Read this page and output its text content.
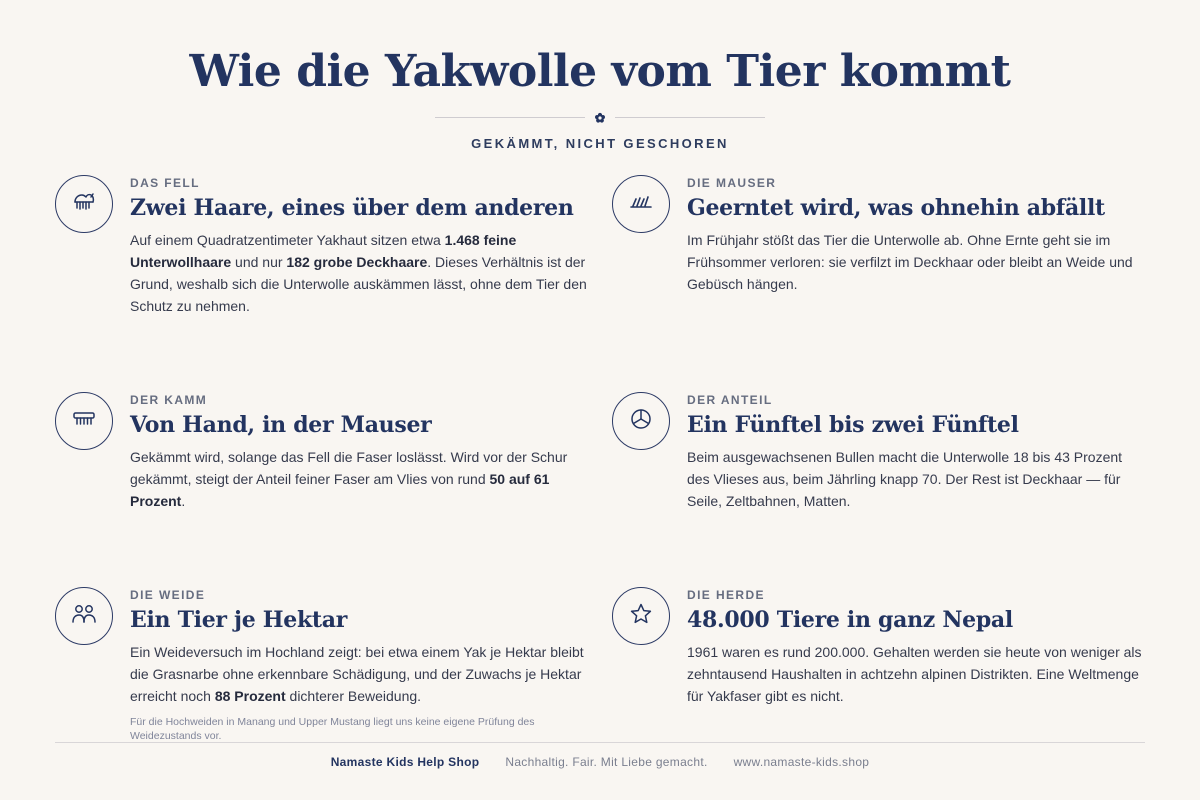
Wie die Yakwolle vom Tier kommt
GEKÄMMT, NICHT GESCHOREN
DAS FELL
Zwei Haare, eines über dem anderen

Auf einem Quadratzentimeter Yakhaut sitzen etwa 1.468 feine Unterwollhaare und nur 182 grobe Deckhaare. Dieses Verhältnis ist der Grund, weshalb sich die Unterwolle auskämmen lässt, ohne dem Tier den Schutz zu nehmen.

DIE MAUSER
Geerntet wird, was ohnehin abfällt

Im Frühjahr stößt das Tier die Unterwolle ab. Ohne Ernte geht sie im Frühsommer verloren: sie verfilzt im Deckhaar oder bleibt an Weide und Gebüsch hängen.

DER KAMM
Von Hand, in der Mauser

Gekämmt wird, solange das Fell die Faser loslässt. Wird vor der Schur gekämmt, steigt der Anteil feiner Faser am Vlies von rund 50 auf 61 Prozent.

DER ANTEIL
Ein Fünftel bis zwei Fünftel

Beim ausgewachsenen Bullen macht die Unterwolle 18 bis 43 Prozent des Vlieses aus, beim Jährling knapp 70. Der Rest ist Deckhaar — für Seile, Zeltbahnen, Matten.

DIE WEIDE
Ein Tier je Hektar

Ein Weideversuch im Hochland zeigt: bei etwa einem Yak je Hektar bleibt die Grasnarbe ohne erkennbare Schädigung, und der Zuwachs je Hektar erreicht noch 88 Prozent dichterer Beweidung.

Für die Hochweiden in Manang und Upper Mustang liegt uns keine eigene Prüfung des Weidezustands vor.

DIE HERDE
48.000 Tiere in ganz Nepal

1961 waren es rund 200.000. Gehalten werden sie heute von weniger als zehntausend Haushalten in achtzehn alpinen Distrikten. Eine Weltmenge für Yakfaser gibt es nicht.

Namaste Kids Help Shop Nachhaltig. Fair. Mit Liebe gemacht. www.namaste-kids.shop
